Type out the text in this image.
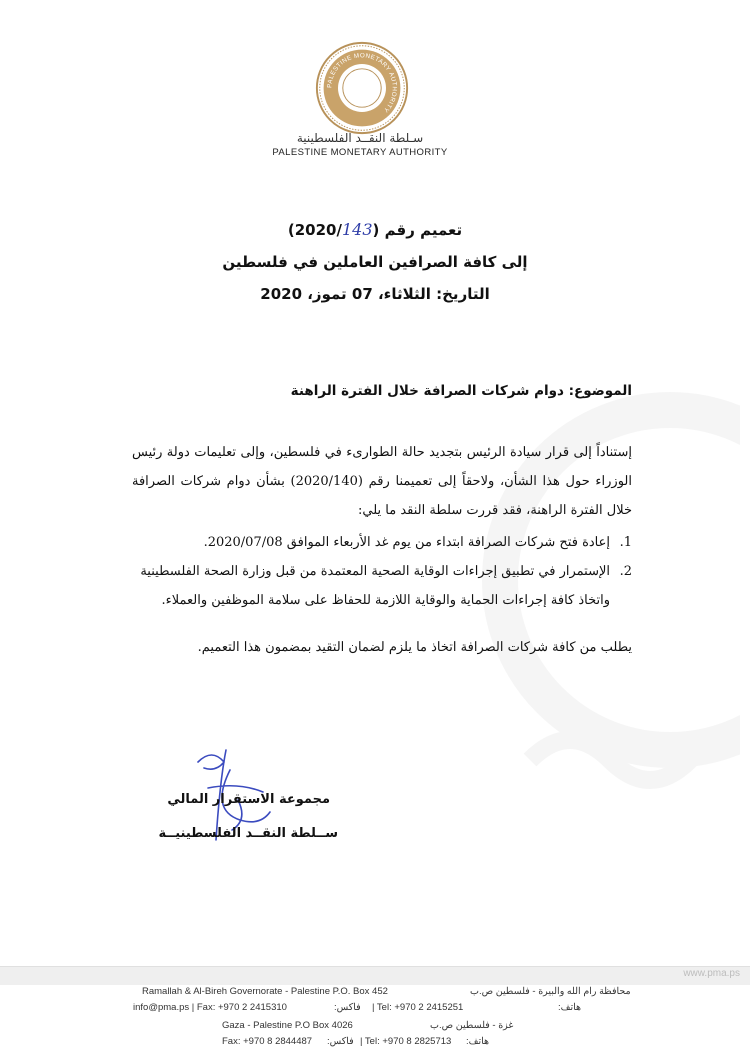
PALESTINE MONETARY AUTHORITY
سـلطة النقــد الفلسطينية
PALESTINE MONETARY AUTHORITY
تعميم رقم (2020/143)
إلى كافة الصرافين العاملين في فلسطين
التاريخ: الثلاثاء، 07 تموز، 2020
الموضوع: دوام شركات الصرافة خلال الفترة الراهنة
إستناداً إلى قرار سيادة الرئيس بتجديد حالة الطوارىء في فلسطين، وإلى تعليمات دولة رئيس الوزراء حول هذا الشأن، ولاحقاً إلى تعميمنا رقم (2020/140) بشأن دوام شركات الصرافة خلال الفترة الراهنة، فقد قررت سلطة النقد ما يلي:
1.
إعادة فتح شركات الصرافة ابتداء من يوم غد الأربعاء الموافق 2020/07/08.
2.
الإستمرار في تطبيق إجراءات الوقاية الصحية المعتمدة من قبل وزارة الصحة الفلسطينية واتخاذ كافة إجراءات الحماية والوقاية اللازمة للحفاظ على سلامة الموظفين والعملاء.
يطلب من كافة شركات الصرافة اتخاذ ما يلزم لضمان التقيد بمضمون هذا التعميم.
مجموعة الاستقرار المالي
ســلطة النقــد الفلسطينيــة
www.pma.ps
Ramallah & Al-Bireh Governorate - Palestine P.O. Box 452	محافظة رام الله والبيرة - فلسطين ص.ب
info@pma.ps | Fax: +970 2 2415310	فاكس: | Tel: +970 2 2415251	هاتف:
Gaza - Palestine P.O Box 4026	غزة - فلسطين ص.ب
Fax: +970 8 2844487 فاكس: | Tel: +970 8 2825713 هاتف:
